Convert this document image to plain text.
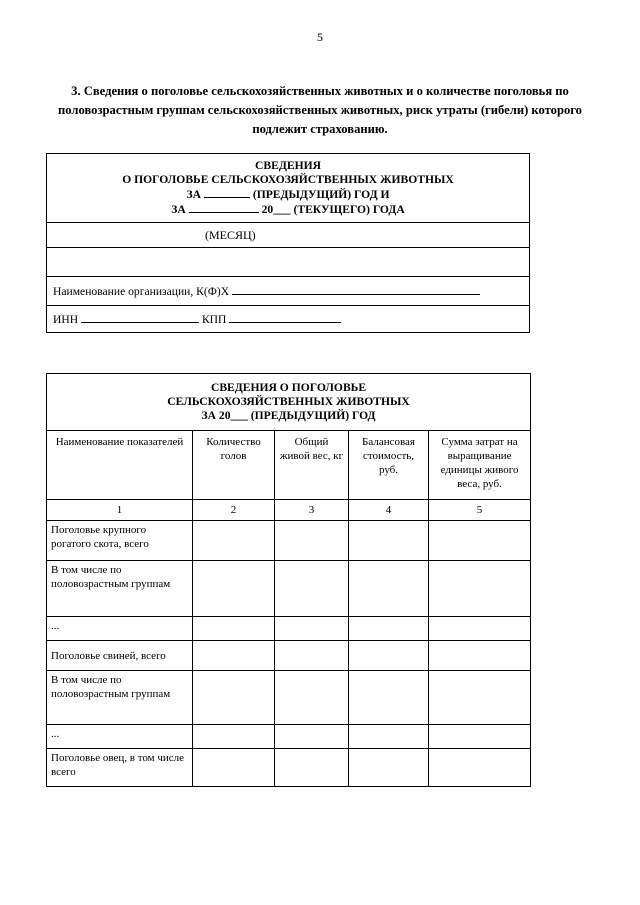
5
3. Сведения о поголовье сельскохозяйственных животных и о количестве поголовья по половозрастным группам сельскохозяйственных животных, риск утраты (гибели) которого подлежит страхованию.
СВЕДЕНИЯ
О ПОГОЛОВЬЕ СЕЛЬСКОХОЗЯЙСТВЕННЫХ ЖИВОТНЫХ
ЗА	(ПРЕДЫДУЩИЙ) ГОД И
ЗА	20___ (ТЕКУЩЕГО) ГОДА

(МЕСЯЦ)

Наименование организации, К(Ф)Х
ИНН	КПП
СВЕДЕНИЯ О ПОГОЛОВЬЕ
СЕЛЬСКОХОЗЯЙСТВЕННЫХ ЖИВОТНЫХ
ЗА 20___ (ПРЕДЫДУЩИЙ) ГОД				

Наименование показателей	Количество голов	Общий живой вес, кг	Балансовая стоимость, руб.	Сумма затрат на выращивание единицы живого веса, руб.
1	2	3	4	5
Поголовье крупного рогатого скота, всего				
В том числе по половозрастным группам				
...				
Поголовье свиней, всего				
В том числе по половозрастным группам				
...				
Поголовье овец, в том числе всего				
